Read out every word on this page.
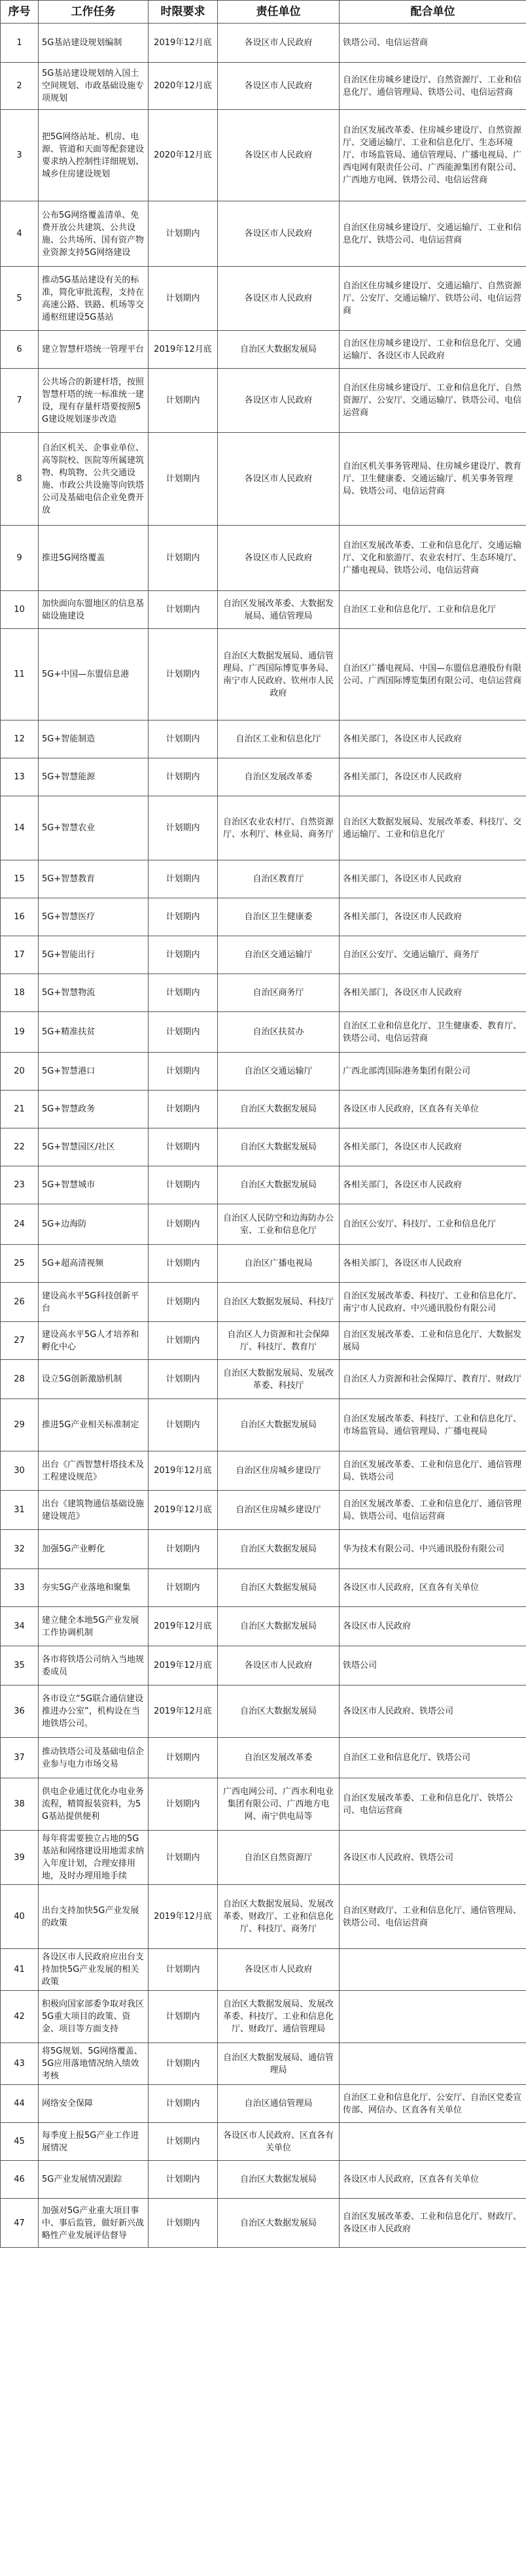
序号	工作任务	时限要求	责任单位	配合单位
1	5G基站建设规划编制	2019年12月底	各设区市人民政府	铁塔公司、电信运营商
2	5G基站建设规划纳入国土空间规划、市政基础设施专项规划	2020年12月底	各设区市人民政府	自治区住房城乡建设厅、自然资源厅、工业和信息化厅、通信管理局、铁塔公司、电信运营商
3	把5G网络站址、机房、电源、管道和天面等配套建设要求纳入控制性详细规划、城乡住房建设规划	2020年12月底	各设区市人民政府	自治区发展改革委、住房城乡建设厅、自然资源厅、交通运输厅、工业和信息化厅、生态环境厅、市场监管局、通信管理局、广播电视局、广西电网有限责任公司、广西能源集团有限公司、广西地方电网、铁塔公司、电信运营商
4	公布5G网络覆盖清单、免费开放公共建筑、公共设施、公共场所、国有资产物业资源支持5G网络建设	计划期内	各设区市人民政府	自治区住房城乡建设厅、交通运输厅、工业和信息化厅、铁塔公司、电信运营商
5	推动5G基站建设有关的标准，简化审批流程，支持在高速公路、铁路、机场等交通枢纽建设5G基站	计划期内	各设区市人民政府	自治区住房城乡建设厅、交通运输厅、自然资源厅、公安厅、交通运输厅、铁塔公司、电信运营商
6	建立智慧杆塔统一管理平台	2019年12月底	自治区大数据发展局	自治区住房城乡建设厅、工业和信息化厅、交通运输厅、各设区市人民政府
7	公共场合的新建杆塔，按照智慧杆塔的统一标准统一建设，现有存量杆塔要按照5G建设规划逐步改造	计划期内	各设区市人民政府	自治区住房城乡建设厅、工业和信息化厅、自然资源厅、公安厅、交通运输厅、铁塔公司、电信运营商
8	自治区机关、企事业单位、高等院校、医院等所属建筑物、构筑物、公共交通设施、市政公共设施等向铁塔公司及基础电信企业免费开放	计划期内	各设区市人民政府	自治区机关事务管理局、住房城乡建设厅、教育厅、卫生健康委、交通运输厅、机关事务管理局、铁塔公司、电信运营商
9	推进5G网络覆盖	计划期内	各设区市人民政府	自治区发展改革委、工业和信息化厅、交通运输厅、文化和旅游厅、农业农村厅、生态环境厅、广播电视局、铁塔公司、电信运营商
10	加快面向东盟地区的信息基础设施建设	计划期内	自治区发展改革委、大数据发展局、通信管理局	自治区工业和信息化厅、工业和信息化厅
11	5G+中国—东盟信息港	计划期内	自治区大数据发展局、通信管理局、广西国际博览事务局、南宁市人民政府、钦州市人民政府	自治区广播电视局、中国—东盟信息港股份有限公司、广西国际博览集团有限公司、电信运营商
12	5G+智能制造	计划期内	自治区工业和信息化厅	各相关部门，各设区市人民政府
13	5G+智慧能源	计划期内	自治区发展改革委	各相关部门，各设区市人民政府
14	5G+智慧农业	计划期内	自治区农业农村厅、自然资源厅、水利厅、林业局、商务厅	自治区大数据发展局、发展改革委、科技厅、交通运输厅、工业和信息化厅
15	5G+智慧教育	计划期内	自治区教育厅	各相关部门，各设区市人民政府
16	5G+智慧医疗	计划期内	自治区卫生健康委	各相关部门，各设区市人民政府
17	5G+智能出行	计划期内	自治区交通运输厅	自治区公安厅、交通运输厅、商务厅
18	5G+智慧物流	计划期内	自治区商务厅	各相关部门，各设区市人民政府
19	5G+精准扶贫	计划期内	自治区扶贫办	自治区工业和信息化厅、卫生健康委、教育厅、铁塔公司、电信运营商
20	5G+智慧港口	计划期内	自治区交通运输厅	广西北部湾国际港务集团有限公司
21	5G+智慧政务	计划期内	自治区大数据发展局	各设区市人民政府，区直各有关单位
22	5G+智慧园区/社区	计划期内	自治区大数据发展局	各相关部门，各设区市人民政府
23	5G+智慧城市	计划期内	自治区大数据发展局	各相关部门，各设区市人民政府
24	5G+边海防	计划期内	自治区人民防空和边海防办公室、工业和信息化厅	自治区公安厅、科技厅、工业和信息化厅
25	5G+超高清视频	计划期内	自治区广播电视局	各相关部门，各设区市人民政府
26	建设高水平5G科技创新平台	计划期内	自治区大数据发展局、科技厅	自治区发展改革委、科技厅、工业和信息化厅、南宁市人民政府、中兴通讯股份有限公司
27	建设高水平5G人才培养和孵化中心	计划期内	自治区人力资源和社会保障厅、科技厅、教育厅	自治区发展改革委、工业和信息化厅、大数据发展局
28	设立5G创新激励机制	计划期内	自治区大数据发展局、发展改革委、科技厅	自治区人力资源和社会保障厅、教育厅、财政厅
29	推进5G产业相关标准制定	计划期内	自治区大数据发展局	自治区发展改革委、科技厅、工业和信息化厅、市场监管局、通信管理局、广播电视局
30	出台《广西智慧杆塔技术及工程建设规范》	2019年12月底	自治区住房城乡建设厅	自治区发展改革委、工业和信息化厅、通信管理局、铁塔公司
31	出台《建筑物通信基础设施建设规范》	2019年12月底	自治区住房城乡建设厅	自治区发展改革委、工业和信息化厅、通信管理局、铁塔公司、电信运营商
32	加强5G产业孵化	计划期内	自治区大数据发展局	华为技术有限公司、中兴通讯股份有限公司
33	夯实5G产业落地和聚集	计划期内	自治区大数据发展局	各设区市人民政府，区直各有关单位
34	建立健全本地5G产业发展工作协调机制	2019年12月底	自治区大数据发展局	各设区市人民政府
35	各市将铁塔公司纳入当地规委成员	2019年12月底	各设区市人民政府	铁塔公司
36	各市设立“5G联合通信建设推进办公室”，机构设在当地铁塔公司。	2019年12月底	自治区大数据发展局	各设区市人民政府、铁塔公司
37	推动铁塔公司及基础电信企业参与电力市场交易	计划期内	自治区发展改革委	自治区工业和信息化厅、铁塔公司
38	供电企业通过优化办电业务流程，精简报装资料，为5G基站提供便利	计划期内	广西电网公司、广西水利电业集团有限公司、广西地方电网、南宁供电局等	自治区发展改革委、工业和信息化厅、铁塔公司、电信运营商
39	每年将需要独立占地的5G基站和网络建设用地需求纳入年度计划，合理安排用地，及时办理用地手续	计划期内	自治区自然资源厅	各设区市人民政府、铁塔公司
40	出台支持加快5G产业发展的政策	2019年12月底	自治区大数据发展局、发展改革委、财政厅、工业和信息化厅、科技厅、商务厅	自治区财政厅、工业和信息化厅、通信管理局、铁塔公司、电信运营商
41	各设区市人民政府应出台支持加快5G产业发展的相关政策	计划期内	各设区市人民政府	
42	积极向国家部委争取对我区5G重大项目的政策、资金、项目等方面支持	计划期内	自治区大数据发展局、发展改革委、科技厅、工业和信息化厅、财政厅、通信管理局	
43	将5G规划、5G网络覆盖、5G应用落地情况纳入绩效考核	计划期内	自治区大数据发展局、通信管理局	
44	网络安全保障	计划期内	自治区通信管理局	自治区工业和信息化厅、公安厅、自治区党委宣传部、网信办、区直各有关单位
45	每季度上报5G产业工作进展情况	计划期内	各设区市人民政府、区直各有关单位	
46	5G产业发展情况跟踪	计划期内	自治区大数据发展局	各设区市人民政府，区直各有关单位
47	加强对5G产业重大项目事中、事后监管，做好新兴战略性产业发展评估督导	计划期内	自治区大数据发展局	自治区发展改革委、工业和信息化厅、财政厅、各设区市人民政府
